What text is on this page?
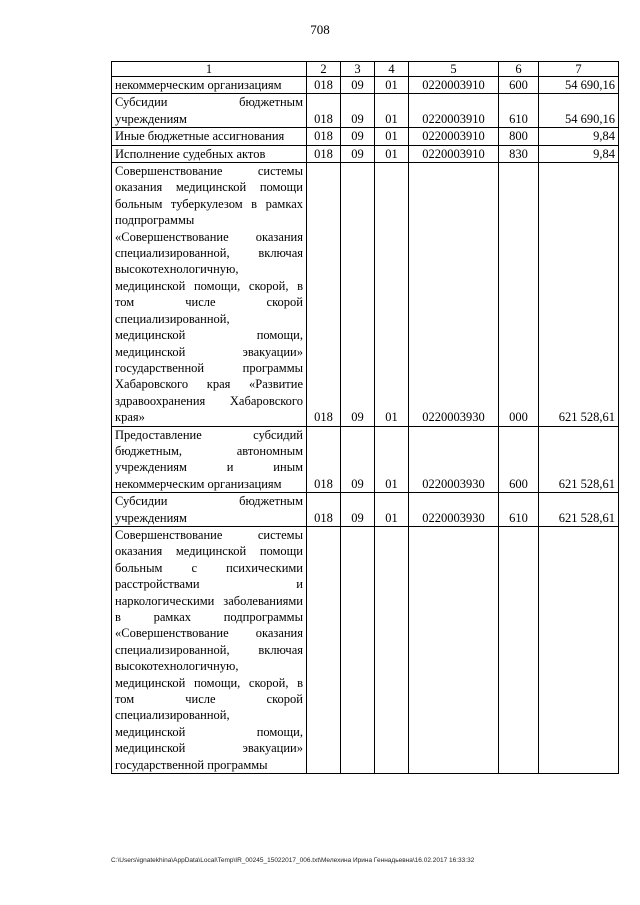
708
1	2	3	4	5	6	7
некоммерческим организациям	018	09	01	0220003910	600	54 690,16
Субсидии бюджетным учреждениям	018	09	01	0220003910	610	54 690,16
Иные бюджетные ассигнования	018	09	01	0220003910	800	9,84
Исполнение судебных актов	018	09	01	0220003910	830	9,84
Совершенствование системы оказания медицинской помощи больным туберкулезом в рамках подпрограммы «Совершенствование оказания специализированной, включая высокотехнологичную, медицинской помощи, скорой, в том числе скорой специализированной, медицинской помощи, медицинской эвакуации» государственной программы Хабаровского края «Развитие здравоохранения Хабаровского края»	018	09	01	0220003930	000	621 528,61
Предоставление субсидий бюджетным, автономным учреждениям и иным некоммерческим организациям	018	09	01	0220003930	600	621 528,61
Субсидии бюджетным учреждениям	018	09	01	0220003930	610	621 528,61
Совершенствование системы оказания медицинской помощи больным с психическими расстройствами и наркологическими заболеваниями в рамках подпрограммы «Совершенствование оказания специализированной, включая высокотехнологичную, медицинской помощи, скорой, в том числе скорой специализированной, медицинской помощи, медицинской эвакуации» государственной программы						
C:\Users\ignatekhina\AppData\Local\Temp\IR_00245_15022017_006.txt\Мелехина Ирина Геннадьевна\16.02.2017 16:33:32
